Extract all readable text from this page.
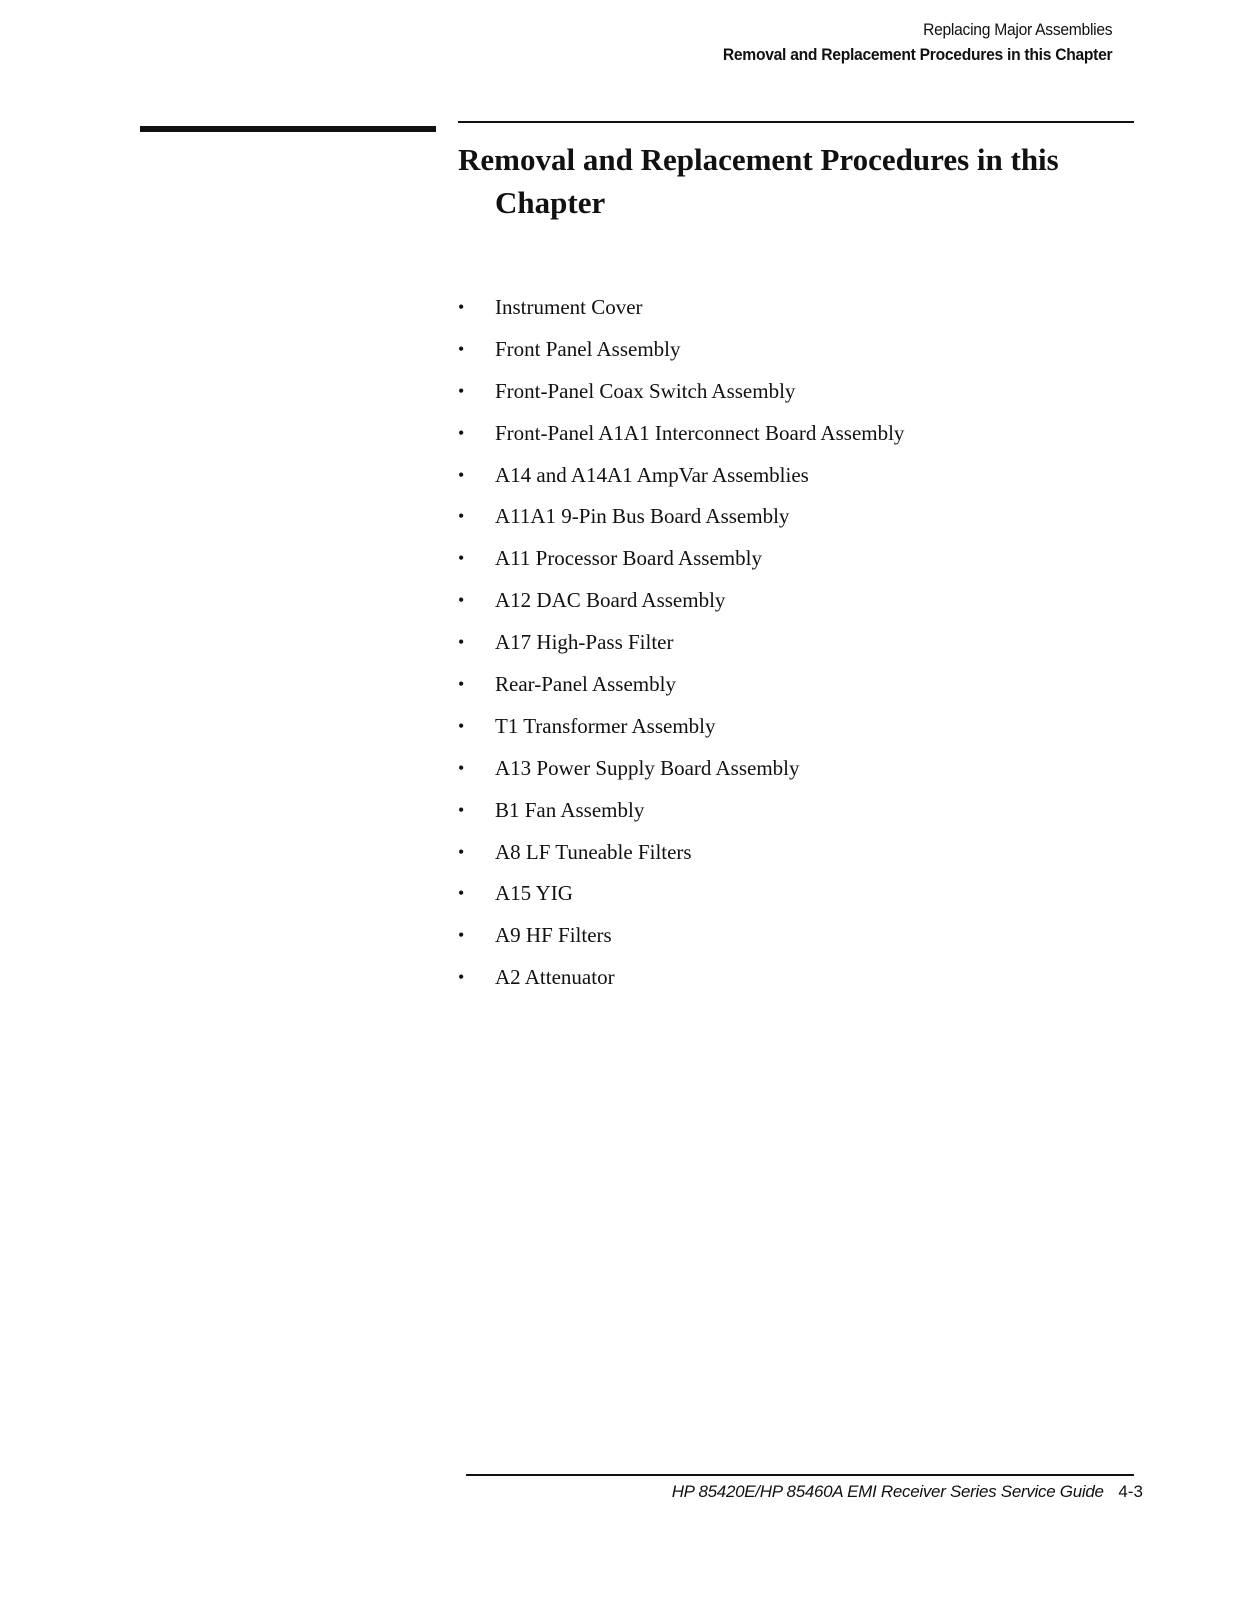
Replacing Major Assemblies
Removal and Replacement Procedures in this Chapter
Removal and Replacement Procedures in this
Chapter
•	Instrument Cover
•	Front Panel Assembly
•	Front-Panel Coax Switch Assembly
•	Front-Panel A1A1 Interconnect Board Assembly
•	A14 and A14A1 AmpVar Assemblies
•	A11A1 9-Pin Bus Board Assembly
•	A11 Processor Board Assembly
•	A12 DAC Board Assembly
•	A17 High-Pass Filter
•	Rear-Panel Assembly
•	T1 Transformer Assembly
•	A13 Power Supply Board Assembly
•	B1 Fan Assembly
•	A8 LF Tuneable Filters
•	A15 YIG
•	A9 HF Filters
•	A2 Attenuator
HP 85420E/HP 85460A EMI Receiver Series Service Guide 4-3
